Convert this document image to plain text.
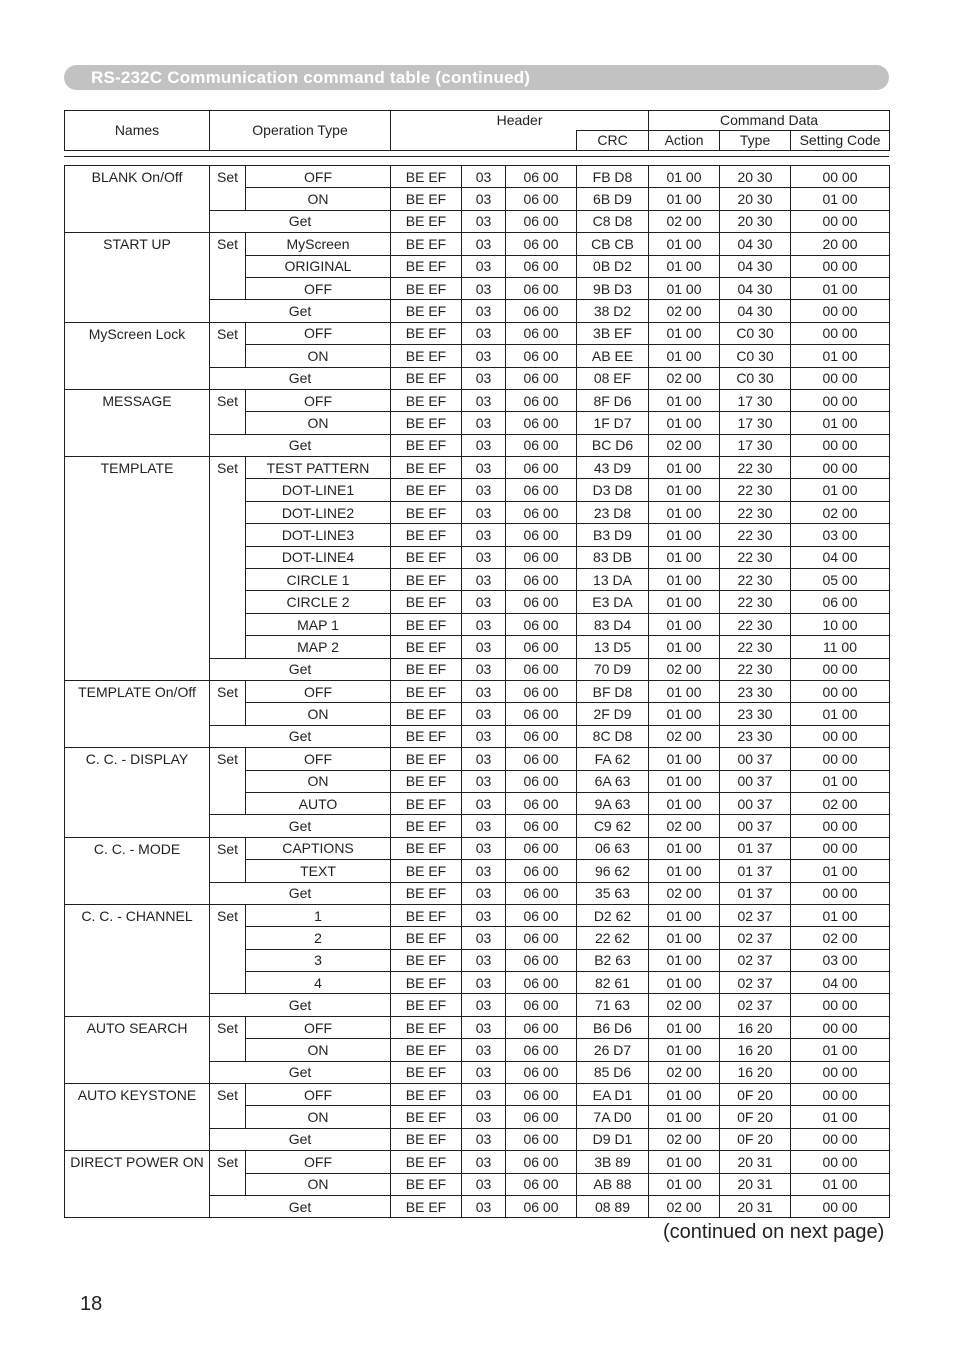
RS-232C Communication command table (continued)
Names	Operation Type	Header		Command Data		
			CRC	Action	Type	Setting Code
BLANK On/Off	Set	OFF	BE EF	03	06 00	FB D8	01 00	20 30	00 00
		ON	BE EF	03	06 00	6B D9	01 00	20 30	01 00
	Get		BE EF	03	06 00	C8 D8	02 00	20 30	00 00
START UP	Set	MyScreen	BE EF	03	06 00	CB CB	01 00	04 30	20 00
		ORIGINAL	BE EF	03	06 00	0B D2	01 00	04 30	00 00
		OFF	BE EF	03	06 00	9B D3	01 00	04 30	01 00
	Get		BE EF	03	06 00	38 D2	02 00	04 30	00 00
MyScreen Lock	Set	OFF	BE EF	03	06 00	3B EF	01 00	C0 30	00 00
		ON	BE EF	03	06 00	AB EE	01 00	C0 30	01 00
	Get		BE EF	03	06 00	08 EF	02 00	C0 30	00 00
MESSAGE	Set	OFF	BE EF	03	06 00	8F D6	01 00	17 30	00 00
		ON	BE EF	03	06 00	1F D7	01 00	17 30	01 00
	Get		BE EF	03	06 00	BC D6	02 00	17 30	00 00
TEMPLATE	Set	TEST PATTERN	BE EF	03	06 00	43 D9	01 00	22 30	00 00
		DOT-LINE1	BE EF	03	06 00	D3 D8	01 00	22 30	01 00
		DOT-LINE2	BE EF	03	06 00	23 D8	01 00	22 30	02 00
		DOT-LINE3	BE EF	03	06 00	B3 D9	01 00	22 30	03 00
		DOT-LINE4	BE EF	03	06 00	83 DB	01 00	22 30	04 00
		CIRCLE 1	BE EF	03	06 00	13 DA	01 00	22 30	05 00
		CIRCLE 2	BE EF	03	06 00	E3 DA	01 00	22 30	06 00
		MAP 1	BE EF	03	06 00	83 D4	01 00	22 30	10 00
		MAP 2	BE EF	03	06 00	13 D5	01 00	22 30	11 00
	Get		BE EF	03	06 00	70 D9	02 00	22 30	00 00
TEMPLATE On/Off	Set	OFF	BE EF	03	06 00	BF D8	01 00	23 30	00 00
		ON	BE EF	03	06 00	2F D9	01 00	23 30	01 00
	Get		BE EF	03	06 00	8C D8	02 00	23 30	00 00
C. C. - DISPLAY	Set	OFF	BE EF	03	06 00	FA 62	01 00	00 37	00 00
		ON	BE EF	03	06 00	6A 63	01 00	00 37	01 00
		AUTO	BE EF	03	06 00	9A 63	01 00	00 37	02 00
	Get		BE EF	03	06 00	C9 62	02 00	00 37	00 00
C. C. - MODE	Set	CAPTIONS	BE EF	03	06 00	06 63	01 00	01 37	00 00
		TEXT	BE EF	03	06 00	96 62	01 00	01 37	01 00
	Get		BE EF	03	06 00	35 63	02 00	01 37	00 00
C. C. - CHANNEL	Set	1	BE EF	03	06 00	D2 62	01 00	02 37	01 00
		2	BE EF	03	06 00	22 62	01 00	02 37	02 00
		3	BE EF	03	06 00	B2 63	01 00	02 37	03 00
		4	BE EF	03	06 00	82 61	01 00	02 37	04 00
	Get		BE EF	03	06 00	71 63	02 00	02 37	00 00
AUTO SEARCH	Set	OFF	BE EF	03	06 00	B6 D6	01 00	16 20	00 00
		ON	BE EF	03	06 00	26 D7	01 00	16 20	01 00
	Get		BE EF	03	06 00	85 D6	02 00	16 20	00 00
AUTO KEYSTONE	Set	OFF	BE EF	03	06 00	EA D1	01 00	0F 20	00 00
		ON	BE EF	03	06 00	7A D0	01 00	0F 20	01 00
	Get		BE EF	03	06 00	D9 D1	02 00	0F 20	00 00
DIRECT POWER ON	Set	OFF	BE EF	03	06 00	3B 89	01 00	20 31	00 00
		ON	BE EF	03	06 00	AB 88	01 00	20 31	01 00
	Get		BE EF	03	06 00	08 89	02 00	20 31	00 00
(continued on next page)
18
